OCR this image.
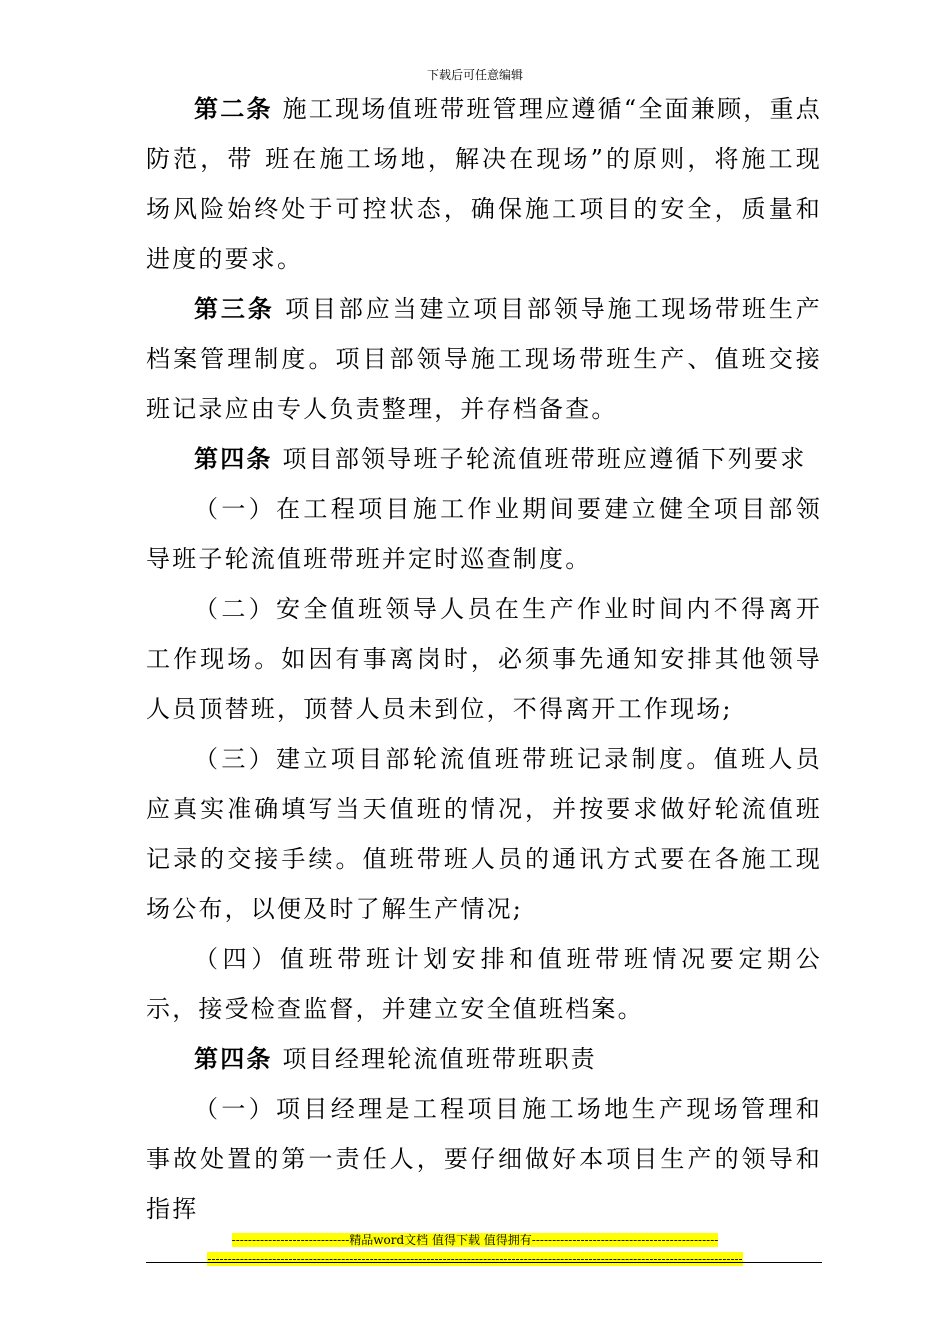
下载后可任意编辑

第二条 施工现场值班带班管理应遵循“全面兼顾，重点防范，带 班在施工场地，解决在现场”的原则，将施工现场风险始终处于可控状态，确保施工项目的安全，质量和进度的要求。

第三条 项目部应当建立项目部领导施工现场带班生产档案管理制度。项目部领导施工现场带班生产、值班交接班记录应由专人负责整理，并存档备查。

第四条 项目部领导班子轮流值班带班应遵循下列要求

（一）在工程项目施工作业期间要建立健全项目部领导班子轮流值班带班并定时巡查制度。

（二）安全值班领导人员在生产作业时间内不得离开工作现场。如因有事离岗时，必须事先通知安排其他领导人员顶替班，顶替人员未到位，不得离开工作现场;

（三）建立项目部轮流值班带班记录制度。值班人员应真实准确填写当天值班的情况，并按要求做好轮流值班记录的交接手续。值班带班人员的通讯方式要在各施工现场公布，以便及时了解生产情况;

（四）值班带班计划安排和值班带班情况要定期公示，接受检查监督，并建立安全值班档案。

第四条 项目经理轮流值班带班职责

（一）项目经理是工程项目施工场地生产现场管理和事故处置的第一责任人，要仔细做好本项目生产的领导和指挥

-----------------------------精品word文档 值得下载 值得拥有----------------------------------------------
------------------------------------------------------------------------------------------------------------------------------------
